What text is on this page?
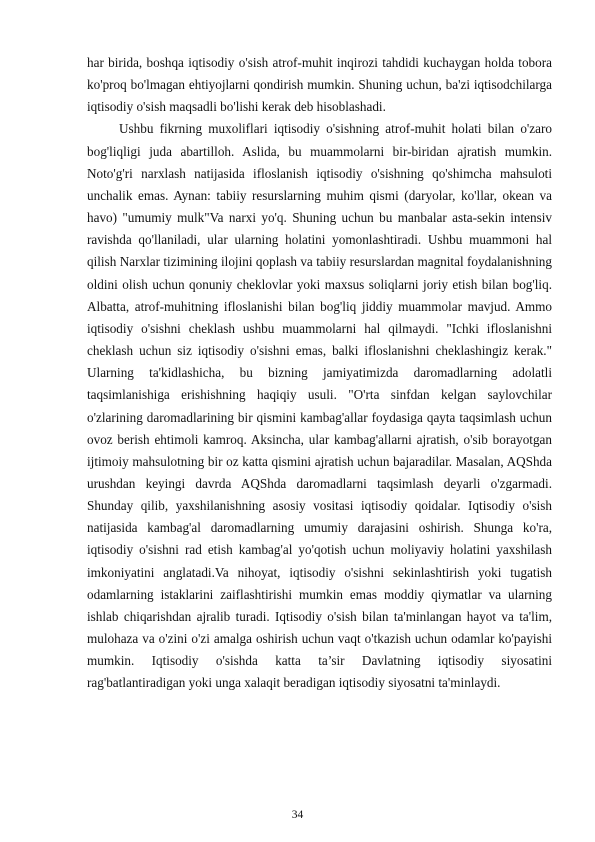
har birida, boshqa iqtisodiy o'sish atrof-muhit inqirozi tahdidi kuchaygan holda tobora ko'proq bo'lmagan ehtiyojlarni qondirish mumkin. Shuning uchun, ba'zi iqtisodchilarga iqtisodiy o'sish maqsadli bo'lishi kerak deb hisoblashadi.

Ushbu fikrning muxoliflari iqtisodiy o'sishning atrof-muhit holati bilan o'zaro bog'liqligi juda abartilloh. Aslida, bu muammolarni bir-biridan ajratish mumkin. Noto'g'ri narxlash natijasida ifloslanish iqtisodiy o'sishning qo'shimcha mahsuloti unchalik emas. Aynan: tabiiy resurslarning muhim qismi (daryolar, ko'llar, okean va havo) "umumiy mulk"Va narxi yo'q. Shuning uchun bu manbalar asta-sekin intensiv ravishda qo'llaniladi, ular ularning holatini yomonlashtiradi. Ushbu muammoni hal qilish Narxlar tizimining ilojini qoplash va tabiiy resurslardan magnital foydalanishning oldini olish uchun qonuniy cheklovlar yoki maxsus soliqlarni joriy etish bilan bog'liq. Albatta, atrof-muhitning ifloslanishi bilan bog'liq jiddiy muammolar mavjud. Ammo iqtisodiy o'sishni cheklash ushbu muammolarni hal qilmaydi. "Ichki ifloslanishni cheklash uchun siz iqtisodiy o'sishni emas, balki ifloslanishni cheklashingiz kerak." Ularning ta'kidlashicha, bu bizning jamiyatimizda daromadlarning adolatli taqsimlanishiga erishishning haqiqiy usuli. "O'rta sinfdan kelgan saylovchilar o'zlarining daromadlarining bir qismini kambag'allar foydasiga qayta taqsimlash uchun ovoz berish ehtimoli kamroq. Aksincha, ular kambag'allarni ajratish, o'sib borayotgan ijtimoiy mahsulotning bir oz katta qismini ajratish uchun bajaradilar. Masalan, AQShda urushdan keyingi davrda AQShda daromadlarni taqsimlash deyarli o'zgarmadi. Shunday qilib, yaxshilanishning asosiy vositasi iqtisodiy qoidalar. Iqtisodiy o'sish natijasida kambag'al daromadlarning umumiy darajasini oshirish. Shunga ko'ra, iqtisodiy o'sishni rad etish kambag'al yo'qotish uchun moliyaviy holatini yaxshilash imkoniyatini anglatadi.Va nihoyat, iqtisodiy o'sishni sekinlashtirish yoki tugatish odamlarning istaklarini zaiflashtirishi mumkin emas moddiy qiymatlar va ularning ishlab chiqarishdan ajralib turadi. Iqtisodiy o'sish bilan ta'minlangan hayot va ta'lim, mulohaza va o'zini o'zi amalga oshirish uchun vaqt o'tkazish uchun odamlar ko'payishi mumkin. Iqtisodiy o'sishda katta ta’sir Davlatning iqtisodiy siyosatini rag'batlantiradigan yoki unga xalaqit beradigan iqtisodiy siyosatni ta'minlaydi.

34
